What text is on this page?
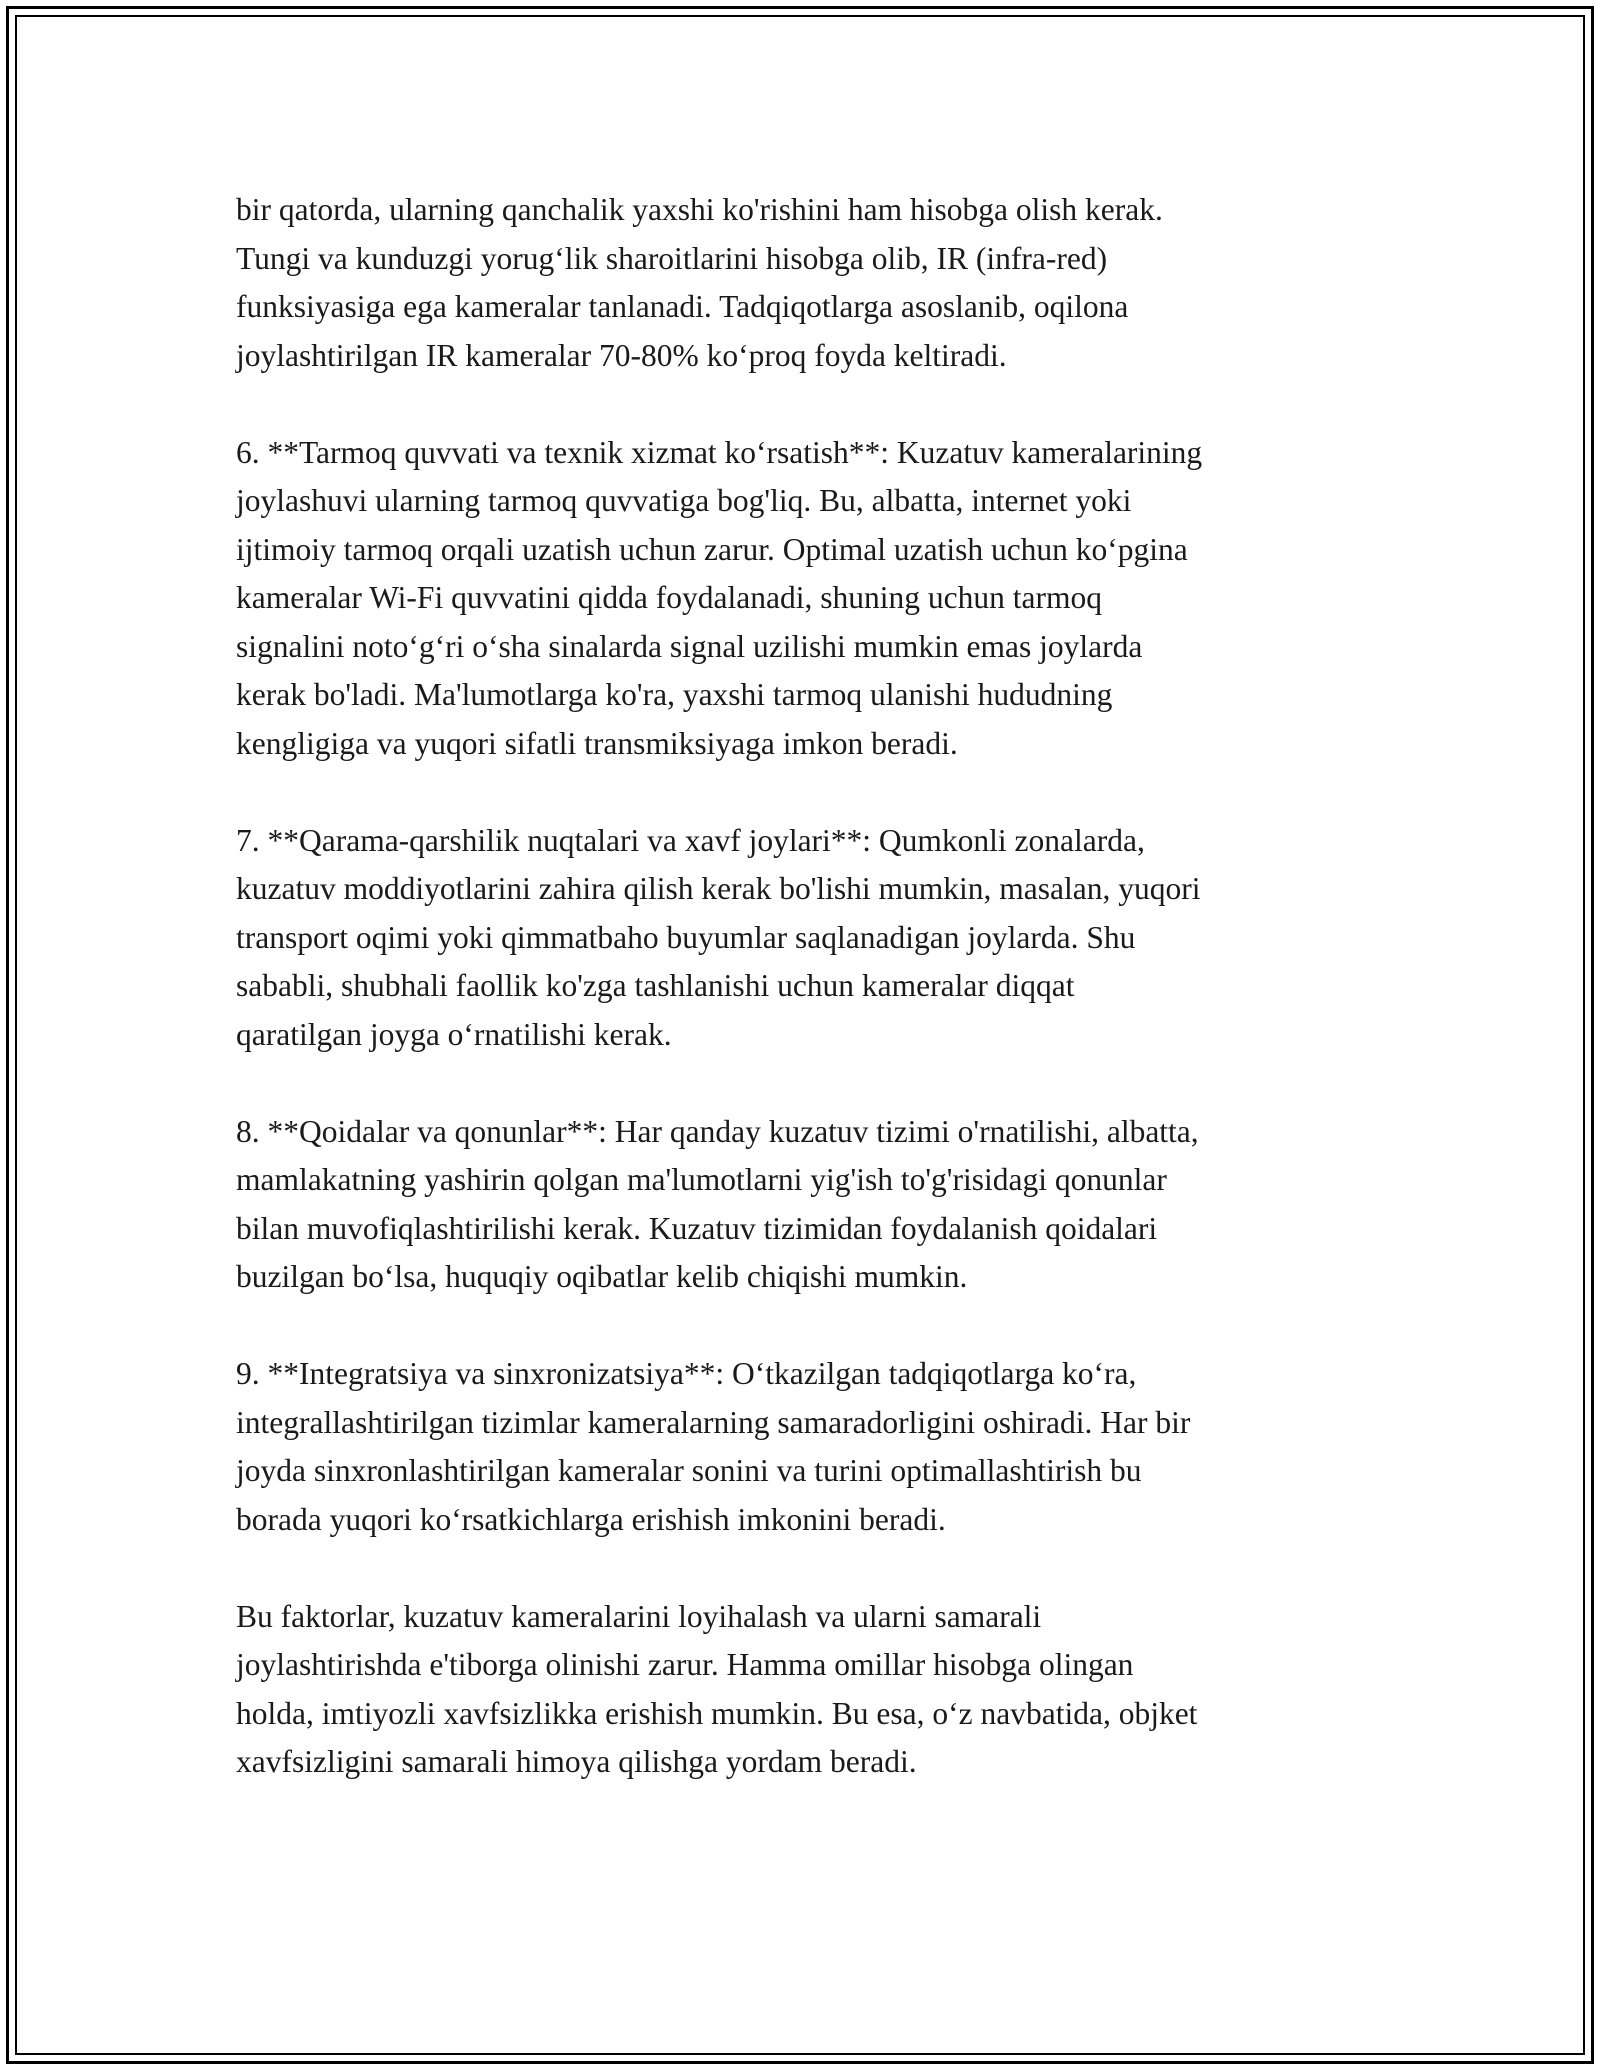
bir qatorda, ularning qanchalik yaxshi ko'rishini ham hisobga olish kerak.
Tungi va kunduzgi yorug‘lik sharoitlarini hisobga olib, IR (infra-red)
funksiyasiga ega kameralar tanlanadi. Tadqiqotlarga asoslanib, oqilona
joylashtirilgan IR kameralar 70-80% ko‘proq foyda keltiradi.

6. **Tarmoq quvvati va texnik xizmat ko‘rsatish**: Kuzatuv kameralarining
joylashuvi ularning tarmoq quvvatiga bog'liq. Bu, albatta, internet yoki
ijtimoiy tarmoq orqali uzatish uchun zarur. Optimal uzatish uchun ko‘pgina
kameralar Wi-Fi quvvatini qidda foydalanadi, shuning uchun tarmoq
signalini noto‘g‘ri o‘sha sinalarda signal uzilishi mumkin emas joylarda
kerak bo'ladi. Ma'lumotlarga ko'ra, yaxshi tarmoq ulanishi hududning
kengligiga va yuqori sifatli transmiksiyaga imkon beradi.

7. **Qarama-qarshilik nuqtalari va xavf joylari**: Qumkonli zonalarda,
kuzatuv moddiyotlarini zahira qilish kerak bo'lishi mumkin, masalan, yuqori
transport oqimi yoki qimmatbaho buyumlar saqlanadigan joylarda. Shu
sababli, shubhali faollik ko'zga tashlanishi uchun kameralar diqqat
qaratilgan joyga o‘rnatilishi kerak.

8. **Qoidalar va qonunlar**: Har qanday kuzatuv tizimi o'rnatilishi, albatta,
mamlakatning yashirin qolgan ma'lumotlarni yig'ish to'g'risidagi qonunlar
bilan muvofiqlashtirilishi kerak. Kuzatuv tizimidan foydalanish qoidalari
buzilgan bo‘lsa, huquqiy oqibatlar kelib chiqishi mumkin.

9. **Integratsiya va sinxronizatsiya**: O‘tkazilgan tadqiqotlarga ko‘ra,
integrallashtirilgan tizimlar kameralarning samaradorligini oshiradi. Har bir
joyda sinxronlashtirilgan kameralar sonini va turini optimallashtirish bu
borada yuqori ko‘rsatkichlarga erishish imkonini beradi.

Bu faktorlar, kuzatuv kameralarini loyihalash va ularni samarali
joylashtirishda e'tiborga olinishi zarur. Hamma omillar hisobga olingan
holda, imtiyozli xavfsizlikka erishish mumkin. Bu esa, o‘z navbatida, objket
xavfsizligini samarali himoya qilishga yordam beradi.
